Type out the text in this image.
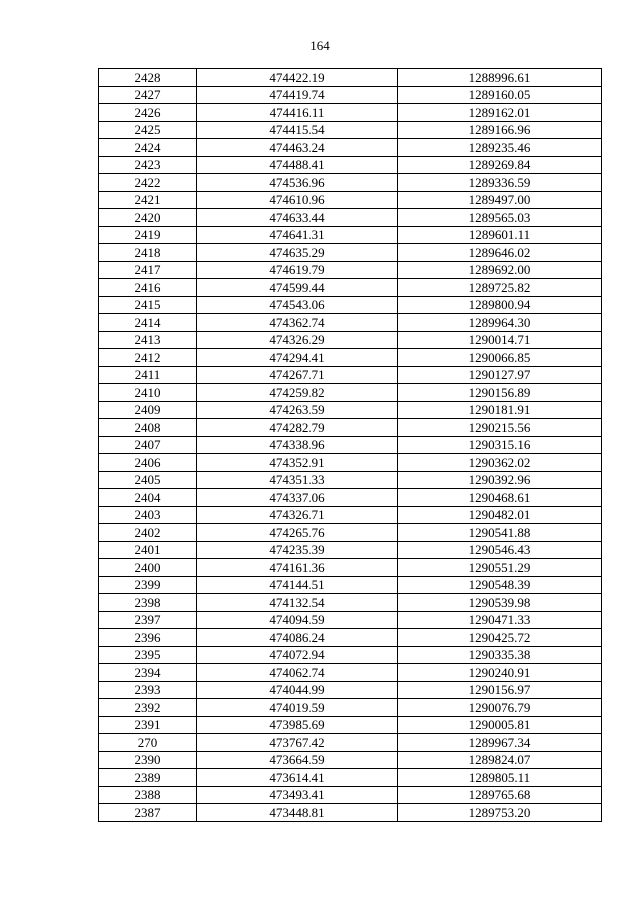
164
2428	474422.19	1288996.61
2427	474419.74	1289160.05
2426	474416.11	1289162.01
2425	474415.54	1289166.96
2424	474463.24	1289235.46
2423	474488.41	1289269.84
2422	474536.96	1289336.59
2421	474610.96	1289497.00
2420	474633.44	1289565.03
2419	474641.31	1289601.11
2418	474635.29	1289646.02
2417	474619.79	1289692.00
2416	474599.44	1289725.82
2415	474543.06	1289800.94
2414	474362.74	1289964.30
2413	474326.29	1290014.71
2412	474294.41	1290066.85
2411	474267.71	1290127.97
2410	474259.82	1290156.89
2409	474263.59	1290181.91
2408	474282.79	1290215.56
2407	474338.96	1290315.16
2406	474352.91	1290362.02
2405	474351.33	1290392.96
2404	474337.06	1290468.61
2403	474326.71	1290482.01
2402	474265.76	1290541.88
2401	474235.39	1290546.43
2400	474161.36	1290551.29
2399	474144.51	1290548.39
2398	474132.54	1290539.98
2397	474094.59	1290471.33
2396	474086.24	1290425.72
2395	474072.94	1290335.38
2394	474062.74	1290240.91
2393	474044.99	1290156.97
2392	474019.59	1290076.79
2391	473985.69	1290005.81
270	473767.42	1289967.34
2390	473664.59	1289824.07
2389	473614.41	1289805.11
2388	473493.41	1289765.68
2387	473448.81	1289753.20
